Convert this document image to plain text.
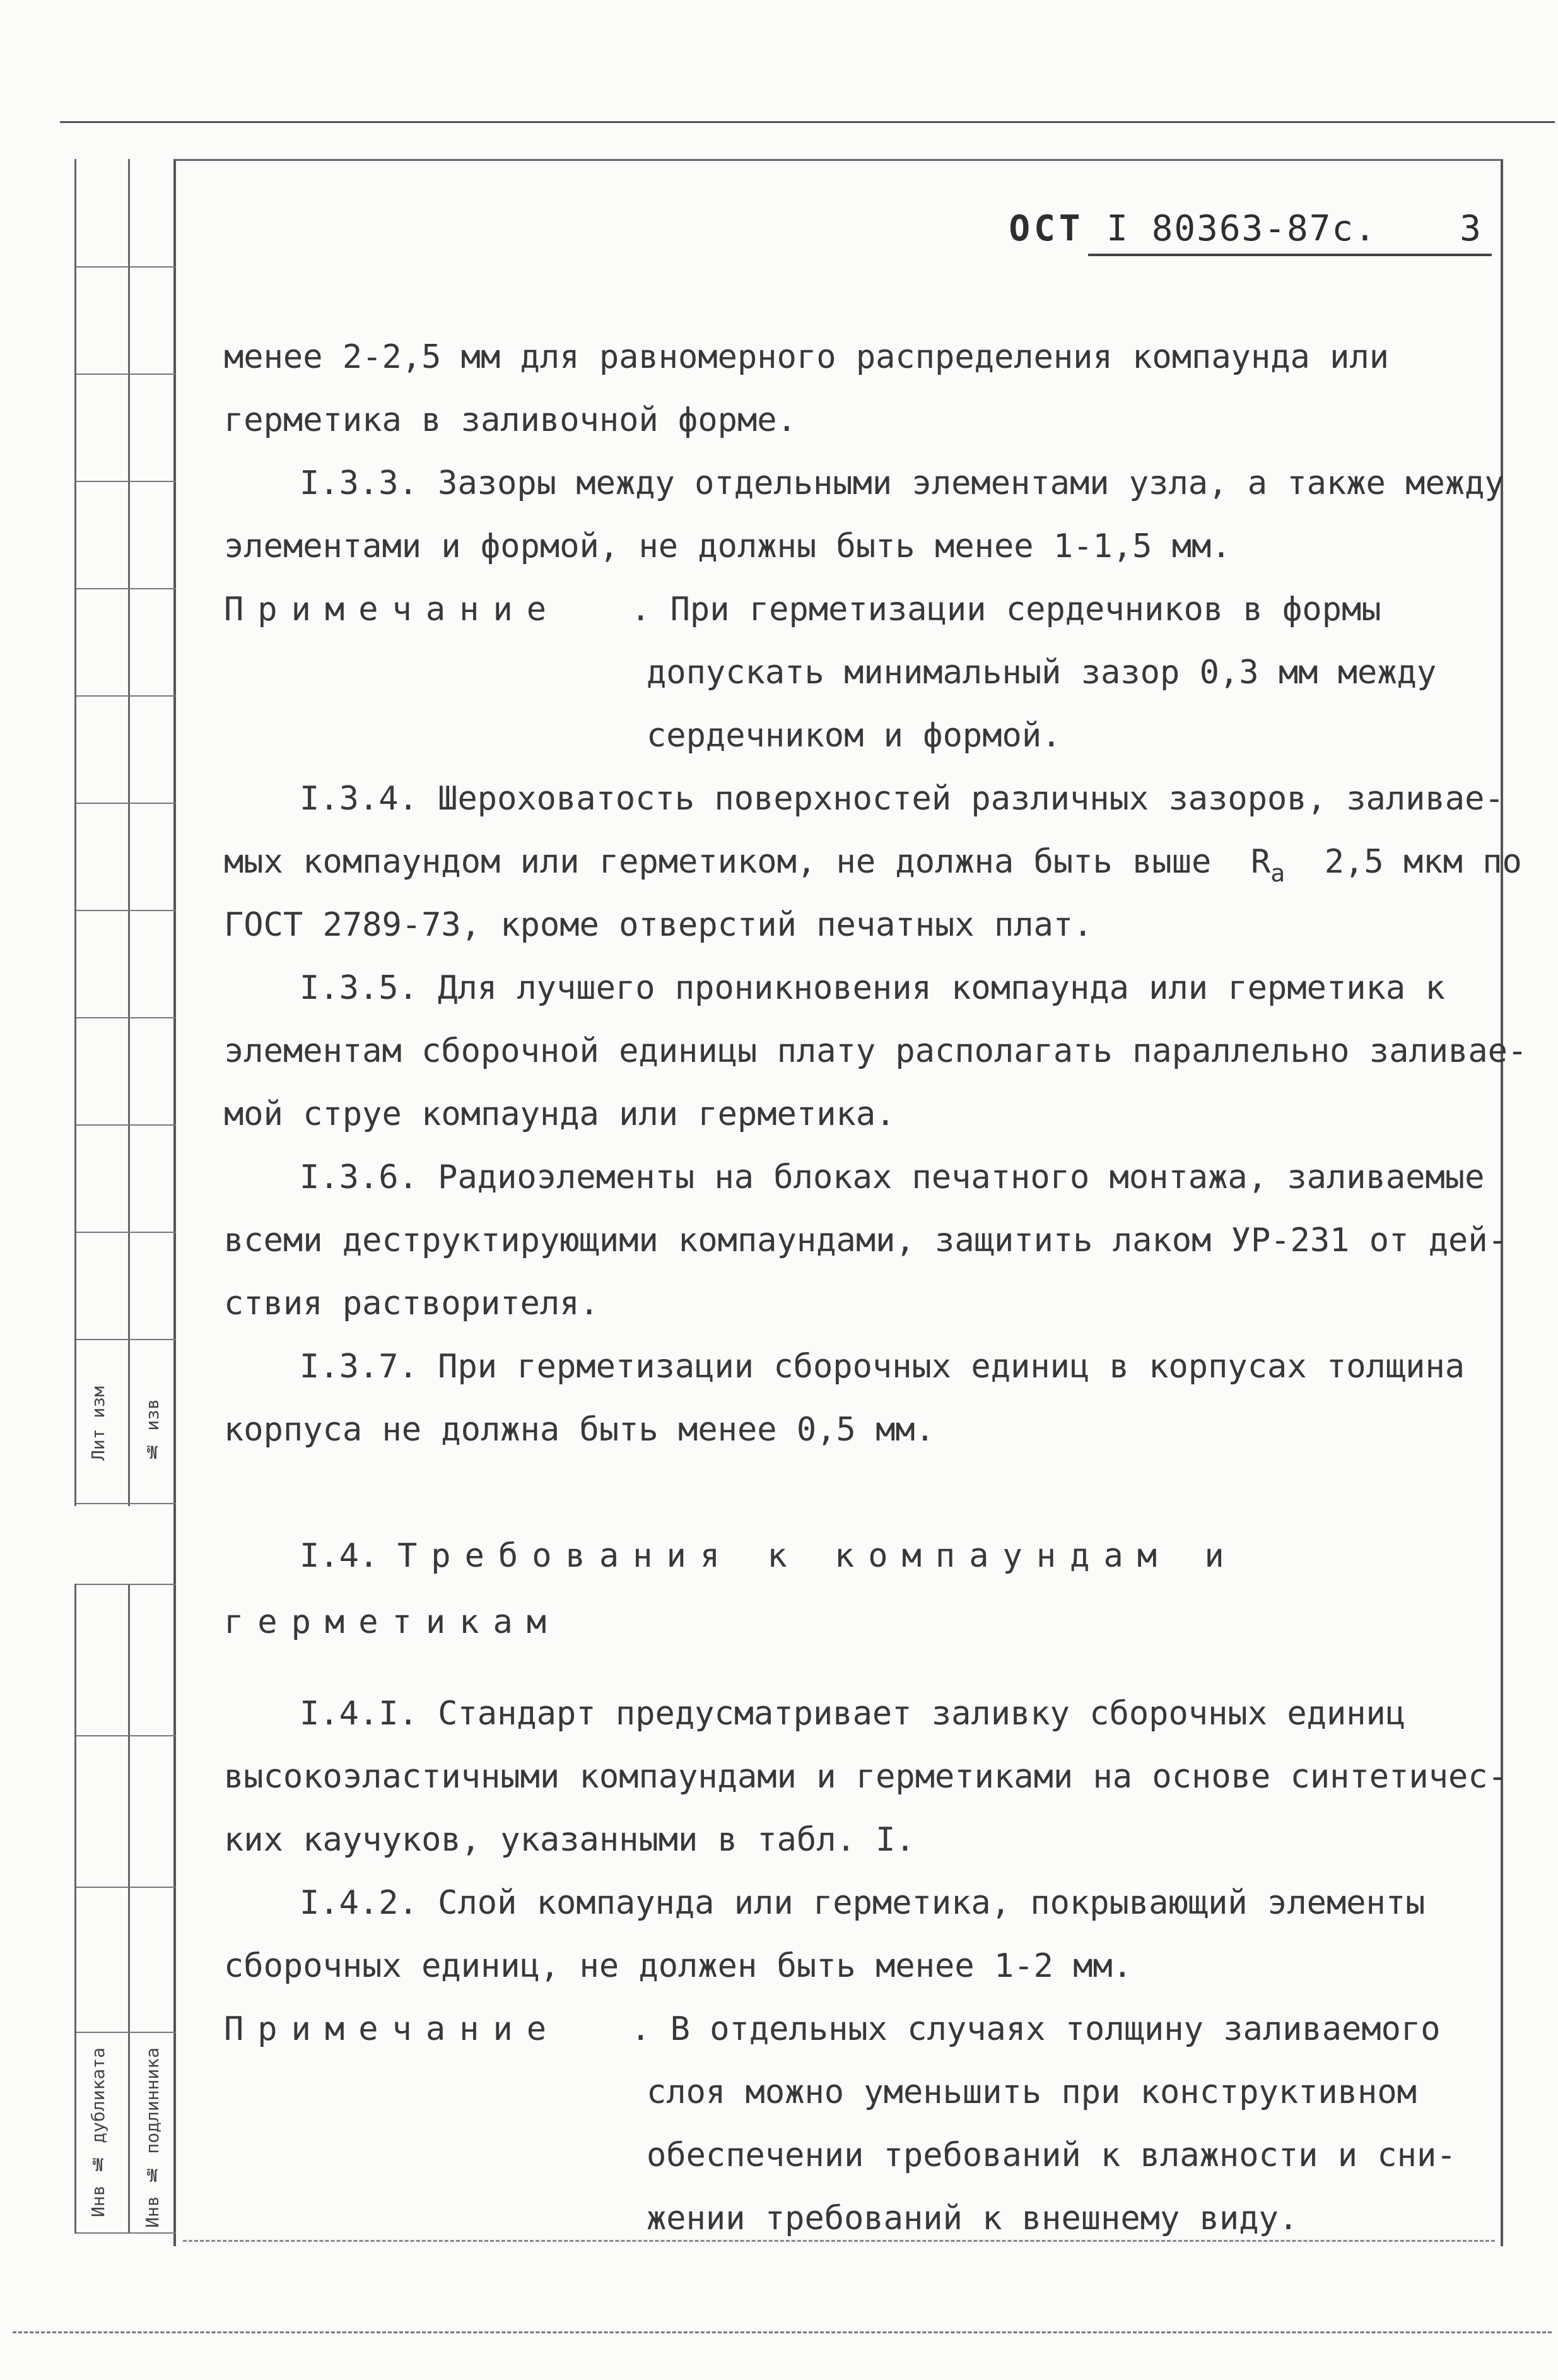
Лит изм № изв
Инв № дубликата Инв № подлинника
ОСТ I 80363-87с. 3
менее 2-2,5 мм для равномерного распределения компаунда или
герметика в заливочной форме.
I.3.3. Зазоры между отдельными элементами узла, а также между
элементами и формой, не должны быть менее 1-1,5 мм.
Примечание . При герметизации сердечников в формы
допускать минимальный зазор 0,3 мм между
сердечником и формой.
I.3.4. Шероховатость поверхностей различных зазоров, заливае-
мых компаундом или герметиком, не должна быть выше  $R_a$  2,5 мкм по
ГОСТ 2789-73, кроме отверстий печатных плат.
I.3.5. Для лучшего проникновения компаунда или герметика к
элементам сборочной единицы плату располагать параллельно заливае-
мой струе компаунда или герметика.
I.3.6. Радиоэлементы на блоках печатного монтажа, заливаемые
всеми деструктирующими компаундами, защитить лаком УР-231 от дей-
ствия растворителя.
I.3.7. При герметизации сборочных единиц в корпусах толщина
корпуса не должна быть менее 0,5 мм.
I.4. Требования к компаундам и
герметикам
I.4.I. Стандарт предусматривает заливку сборочных единиц
высокоэластичными компаундами и герметиками на основе синтетичес-
ких каучуков, указанными в табл. I.
I.4.2. Слой компаунда или герметика, покрывающий элементы
сборочных единиц, не должен быть менее 1-2 мм.
Примечание . В отдельных случаях толщину заливаемого
слоя можно уменьшить при конструктивном
обеспечении требований к влажности и сни-
жении требований к внешнему виду.
